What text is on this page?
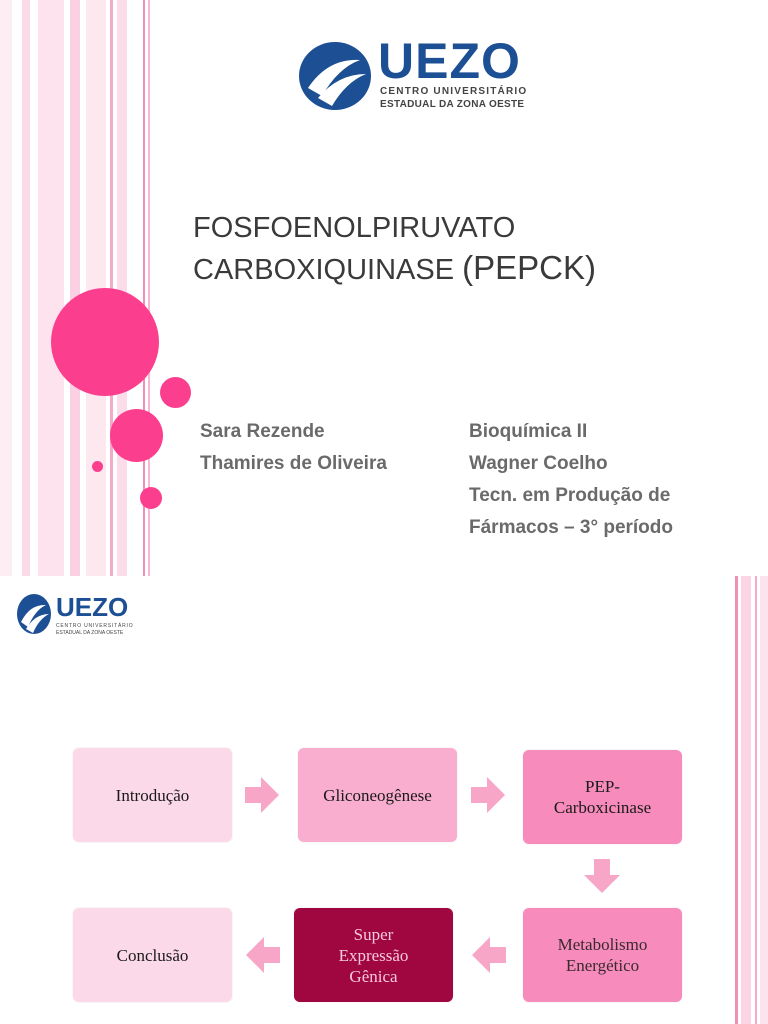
UEZO
CENTRO UNIVERSITÁRIO
ESTADUAL DA ZONA OESTE
FOSFOENOLPIRUVATO
CARBOXIQUINASE (PEPCK)
Sara Rezende
Thamires de Oliveira
Bioquímica II
Wagner Coelho
Tecn. em Produção de
Fármacos – 3° período
UEZO
CENTRO UNIVERSITÁRIO
ESTADUAL DA ZONA OESTE
Introdução	Gliconeogênese	PEP-
Carboxicinase
Metabolismo
Energético
Super
Expressão
Gênica
Conclusão
